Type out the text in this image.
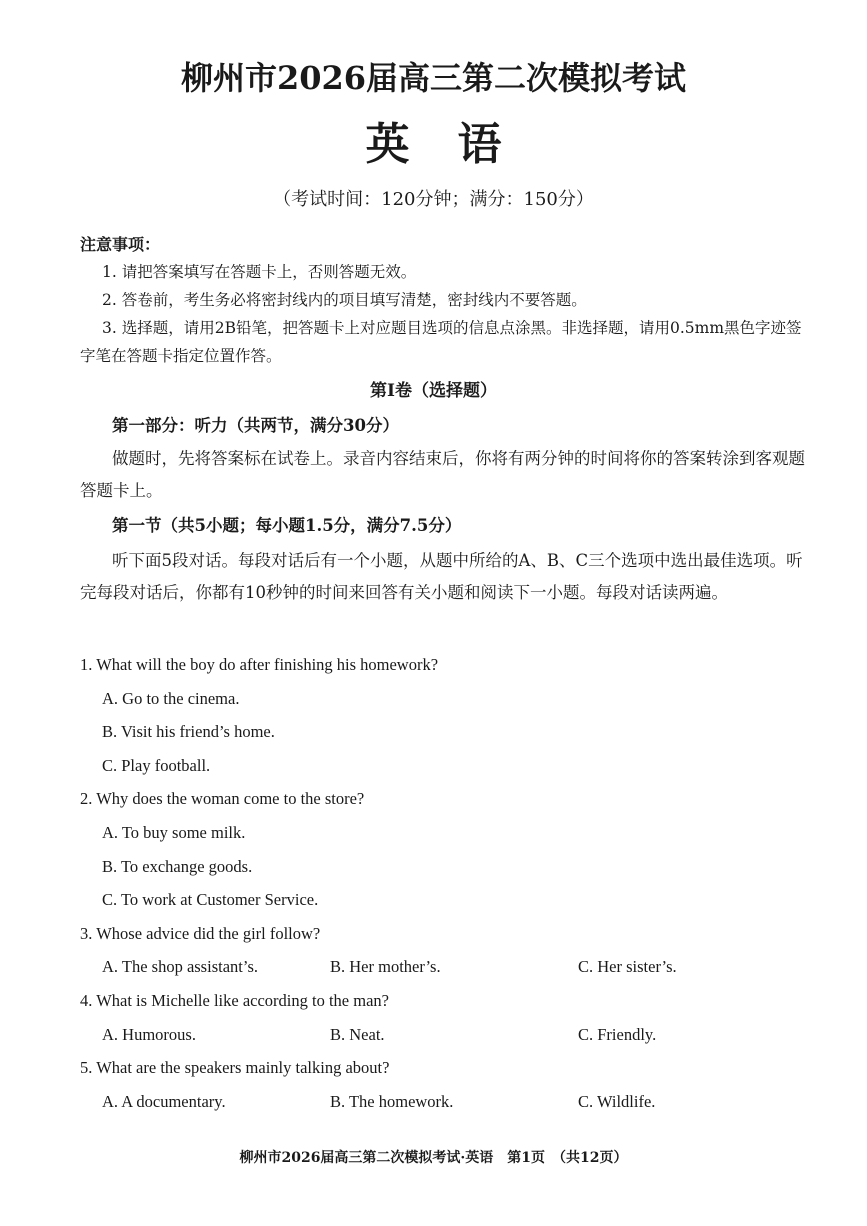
柳州市2026届高三第二次模拟考试
英语
（考试时间：120分钟；满分：150分）
注意事项：

1. 请把答案填写在答题卡上，否则答题无效。

2. 答卷前，考生务必将密封线内的项目填写清楚，密封线内不要答题。

3. 选择题，请用2B铅笔，把答题卡上对应题目选项的信息点涂黑。非选择题，请用0.5mm黑色字迹签字笔在答题卡指定位置作答。

第Ⅰ卷（选择题）
第一部分：听力（共两节，满分30分）

做题时，先将答案标在试卷上。录音内容结束后，你将有两分钟的时间将你的答案转涂到客观题答题卡上。

第一节（共5小题；每小题1.5分，满分7.5分）

听下面5段对话。每段对话后有一个小题，从题中所给的A、B、C三个选项中选出最佳选项。听完每段对话后，你都有10秒钟的时间来回答有关小题和阅读下一小题。每段对话读两遍。

1. What will the boy do after finishing his homework?
A. Go to the cinema.
B. Visit his friend’s home.
C. Play football.
2. Why does the woman come to the store?
A. To buy some milk.
B. To exchange goods.
C. To work at Customer Service.
3. Whose advice did the girl follow?
A. The shop assistant’s.	B. Her mother’s.	C. Her sister’s.
4. What is Michelle like according to the man?
A. Humorous.	B. Neat.	C. Friendly.
5. What are the speakers mainly talking about?
A. A documentary.	B. The homework.	C. Wildlife.
柳州市2026届高三第二次模拟考试·英语　第1页　（共12页）
